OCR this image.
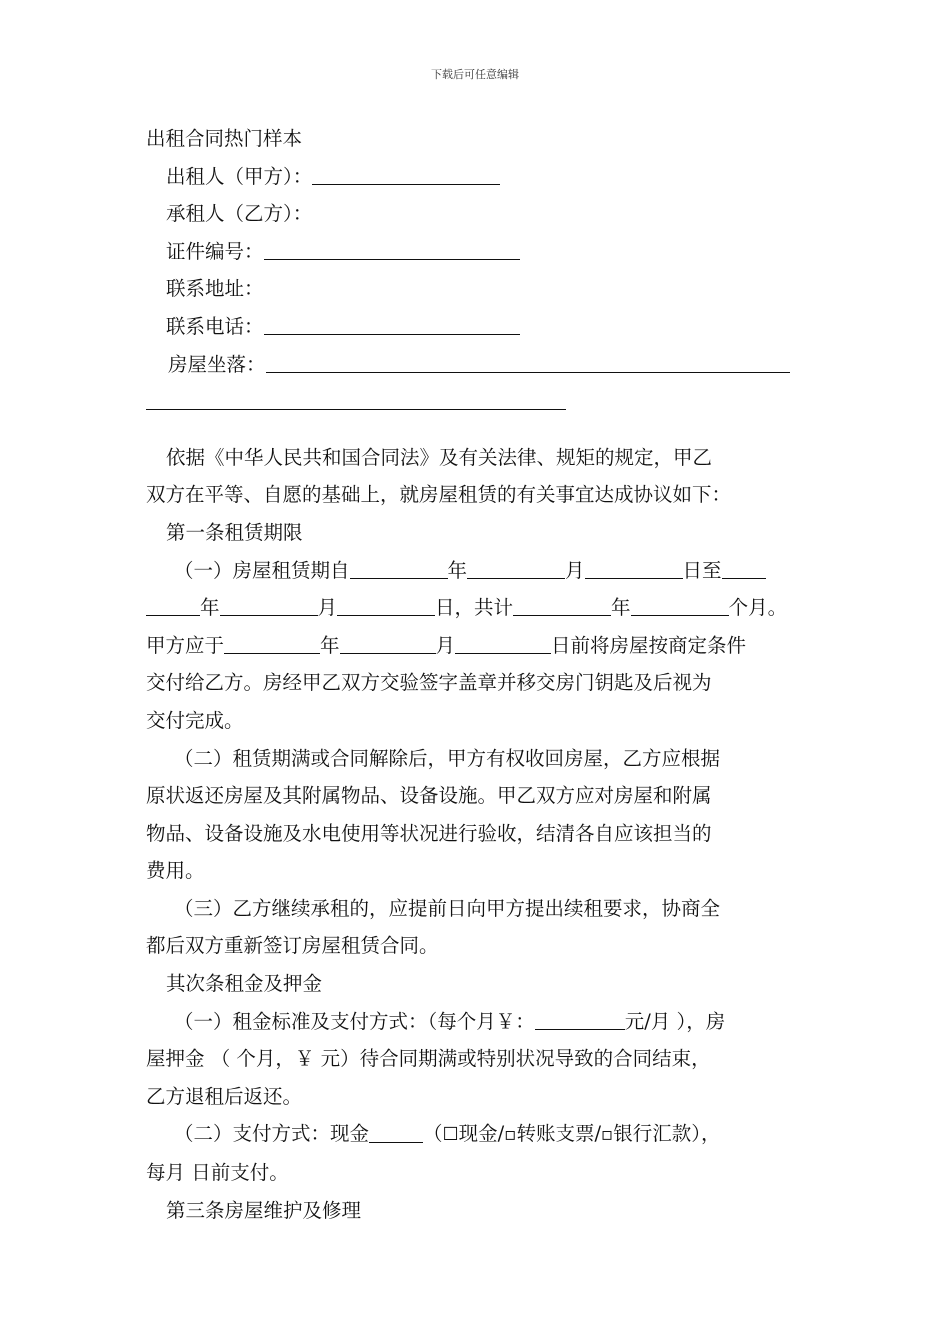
下载后可任意编辑
出租合同热门样本
出租人（甲方）：
承租人（乙方）：
证件编号：
联系地址：
联系电话：
房屋坐落：
依据《中华人民共和国合同法》及有关法律、规矩的规定，甲乙
双方在平等、自愿的基础上，就房屋租赁的有关事宜达成协议如下：
第一条租赁期限
（一）房屋租赁期自	年	月	日至
年	月	日，共计	年	个月。
甲方应于	年	月	日前将房屋按商定条件
交付给乙方。房经甲乙双方交验签字盖章并移交房门钥匙及后视为
交付完成。
（二）租赁期满或合同解除后，甲方有权收回房屋，乙方应根据
原状返还房屋及其附属物品、设备设施。甲乙双方应对房屋和附属
物品、设备设施及水电使用等状况进行验收，结清各自应该担当的
费用。
（三）乙方继续承租的，应提前日向甲方提出续租要求，协商全
都后双方重新签订房屋租赁合同。
其次条租金及押金
（一）租金标准及支付方式：（每个月￥：	元/月 ），房
屋押金 （ 个月，￥ 元）待合同期满或特别状况导致的合同结束，
乙方退租后返还。
（二）支付方式：现金	（☐现金/▫转账支票/▫银行汇款），
每月 日前支付。
第三条房屋维护及修理
